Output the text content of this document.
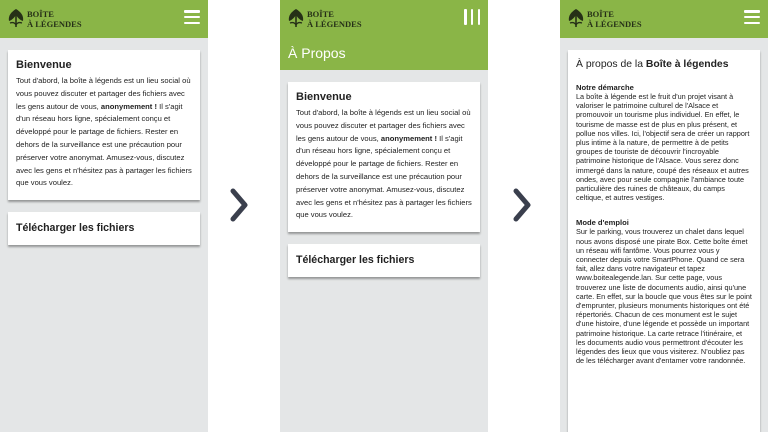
BOÎTE
À LÉGENDES
Bienvenue

Tout d'abord, la boîte à légends est un lieu social où vous pouvez discuter et partager des fichiers avec les gens autour de vous, anonymement ! Il s'agit d'un réseau hors ligne, spécialement conçu et développé pour le partage de fichiers. Rester en dehors de la surveillance est une précaution pour préserver votre anonymat. Amusez-vous, discutez avec les gens et n'hésitez pas à partager les fichiers que vous voulez.

Télécharger les fichiers
BOÎTE
À LÉGENDES
À Propos
Bienvenue

Tout d'abord, la boîte à légends est un lieu social où vous pouvez discuter et partager des fichiers avec les gens autour de vous, anonymement ! Il s'agit d'un réseau hors ligne, spécialement conçu et développé pour le partage de fichiers. Rester en dehors de la surveillance est une précaution pour préserver votre anonymat. Amusez-vous, discutez avec les gens et n'hésitez pas à partager les fichiers que vous voulez.

Télécharger les fichiers
BOÎTE
À LÉGENDES
À propos de la Boîte à légendes
Notre démarche

La boîte à légende est le fruit d'un projet visant à valoriser le patrimoine culturel de l'Alsace et promouvoir un tourisme plus individuel. En effet, le tourisme de masse est de plus en plus présent, et pollue nos villes. Ici, l'objectif sera de créer un rapport plus intime à la nature, de permettre à de petits groupes de touriste de découvrir l'incroyable patrimoine historique de l'Alsace. Vous serez donc immergé dans la nature, coupé des réseaux et autres ondes, avec pour seule compagnie l'ambiance toute particulière des ruines de châteaux, du camps celtique, et autres vestiges.

Mode d'emploi

Sur le parking, vous trouverez un chalet dans lequel nous avons disposé une pirate Box. Cette boîte émet un réseau wifi fantôme. Vous pourrez vous y connecter depuis votre SmartPhone. Quand ce sera fait, allez dans votre navigateur et tapez www.boitealegende.lan. Sur cette page, vous trouverez une liste de documents audio, ainsi qu'une carte. En effet, sur la boucle que vous êtes sur le point d'emprunter, plusieurs monuments historiques ont été répertoriés. Chacun de ces monument est le sujet d'une histoire, d'une légende et possède un important patrimoine historique. La carte retrace l'itinéraire, et les documents audio vous permettront d'écouter les légendes des lieux que vous visiterez. N'oubliez pas de les télécharger avant d'entamer votre randonnée.
